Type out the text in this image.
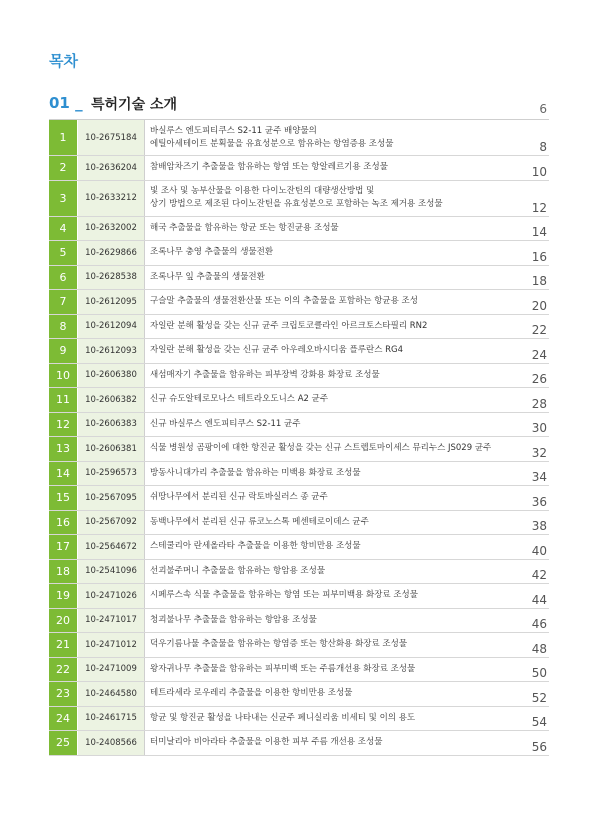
목차
01 _ 특허기술 소개	6
1	10-2675184
바실루스 엔도피티쿠스 S2-11 균주 배양물의
에틸아세테이트 분획물을 유효성분으로 함유하는 항염증용 조성물	8
2	10-2636204	참배암차즈기 추출물을 함유하는 항염 또는 항알레르기용 조성물	10
3	10-2633212
빛 조사 및 농부산물을 이용한 다이노잔틴의 대량생산방법 및
상기 방법으로 제조된 다이노잔틴을 유효성분으로 포함하는 녹조 제거용 조성물	12
4	10-2632002	해국 추출물을 함유하는 항균 또는 항진균용 조성물	14
5	10-2629866	조록나무 충영 추출물의 생물전환	16
6	10-2628538	조록나무 잎 추출물의 생물전환	18
7	10-2612095	구슬말 추출물의 생물전환산물 또는 이의 추출물을 포함하는 항균용 조성	20
8	10-2612094	자일란 분해 활성을 갖는 신규 균주 크립토코클라인 아르크토스타필리 RN2	22
9	10-2612093	자일란 분해 활성을 갖는 신규 균주 아우레오바시디움 플루란스 RG4	24
10	10-2606380	새섬매자기 추출물을 함유하는 피부장벽 강화용 화장료 조성물	26
11	10-2606382	신규 슈도알테로모나스 테트라오도니스 A2 균주	28
12	10-2606383	신규 바실루스 엔도피티쿠스 S2-11 균주	30
13	10-2606381	식물 병원성 곰팡이에 대한 항진균 활성을 갖는 신규 스트렙토마이세스 뮤리누스 JS029 균주	32
14	10-2596573	방동사니대가리 추출물을 함유하는 미백용 화장료 조성물	34
15	10-2567095	쉬땅나무에서 분리된 신규 락토바실러스 종 균주	36
16	10-2567092	동백나무에서 분리된 신규 류코노스톡 메센테로이데스 균주	38
17	10-2564672	스테쿨리아 란세올라타 추출물을 이용한 항비만용 조성물	40
18	10-2541096	선괴불주머니 추출물을 함유하는 항암용 조성물	42
19	10-2471026	시페루스속 식물 추출물을 함유하는 항염 또는 피부미백용 화장료 조성물	44
20	10-2471017	청괴불나무 추출물을 함유하는 항암용 조성물	46
21	10-2471012	덕우기름나물 추출물을 함유하는 항염증 또는 항산화용 화장료 조성물	48
22	10-2471009	왕자귀나무 추출물을 함유하는 피부미백 또는 주름개선용 화장료 조성물	50
23	10-2464580	테트라세라 로우레리 추출물을 이용한 항비만용 조성물	52
24	10-2461715	항균 및 항진균 활성을 나타내는 신균주 페니실리움 비세티 및 이의 용도	54
25	10-2408566	터미날리아 비아라타 추출물을 이용한 피부 주름 개선용 조성물	56
